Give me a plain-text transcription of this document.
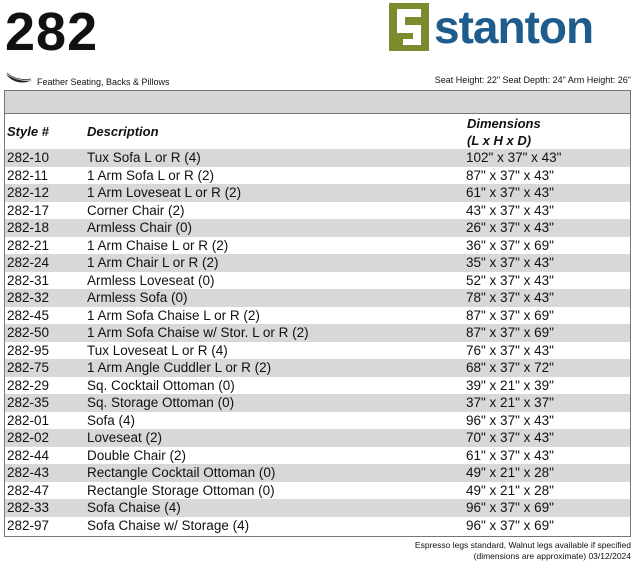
282	stanton
Feather Seating, Backs & Pillows	Seat Height: 22" Seat Depth: 24" Arm Height: 26"
Style #	Description
Dimensions
(L x H x D)
282-10	Tux Sofa L or R (4)	102" x 37" x 43"
282-11	1 Arm Sofa L or R (2)	87" x 37" x 43"
282-12	1 Arm Loveseat L or R (2)	61" x 37" x 43"
282-17	Corner Chair (2)	43" x 37" x 43"
282-18	Armless Chair (0)	26" x 37" x 43"
282-21	1 Arm Chaise L or R (2)	36" x 37" x 69"
282-24	1 Arm Chair L or R (2)	35" x 37" x 43"
282-31	Armless Loveseat (0)	52" x 37" x 43"
282-32	Armless Sofa (0)	78" x 37" x 43"
282-45	1 Arm Sofa Chaise L or R (2)	87" x 37" x 69"
282-50	1 Arm Sofa Chaise w/ Stor. L or R (2)	87" x 37" x 69"
282-95	Tux Loveseat L or R (4)	76" x 37" x 43"
282-75	1 Arm Angle Cuddler L or R (2)	68" x 37" x 72"
282-29	Sq. Cocktail Ottoman (0)	39" x 21" x 39"
282-35	Sq. Storage Ottoman (0)	37" x 21" x 37"
282-01	Sofa (4)	96" x 37" x 43"
282-02	Loveseat (2)	70" x 37" x 43"
282-44	Double Chair (2)	61" x 37" x 43"
282-43	Rectangle Cocktail Ottoman (0)	49" x 21" x 28"
282-47	Rectangle Storage Ottoman (0)	49" x 21" x 28"
282-33	Sofa Chaise (4)	96" x 37" x 69"
282-97	Sofa Chaise w/ Storage (4)	96" x 37" x 69"
Espresso legs standard, Walnut legs available if specified
(dimensions are approximate) 03/12/2024
